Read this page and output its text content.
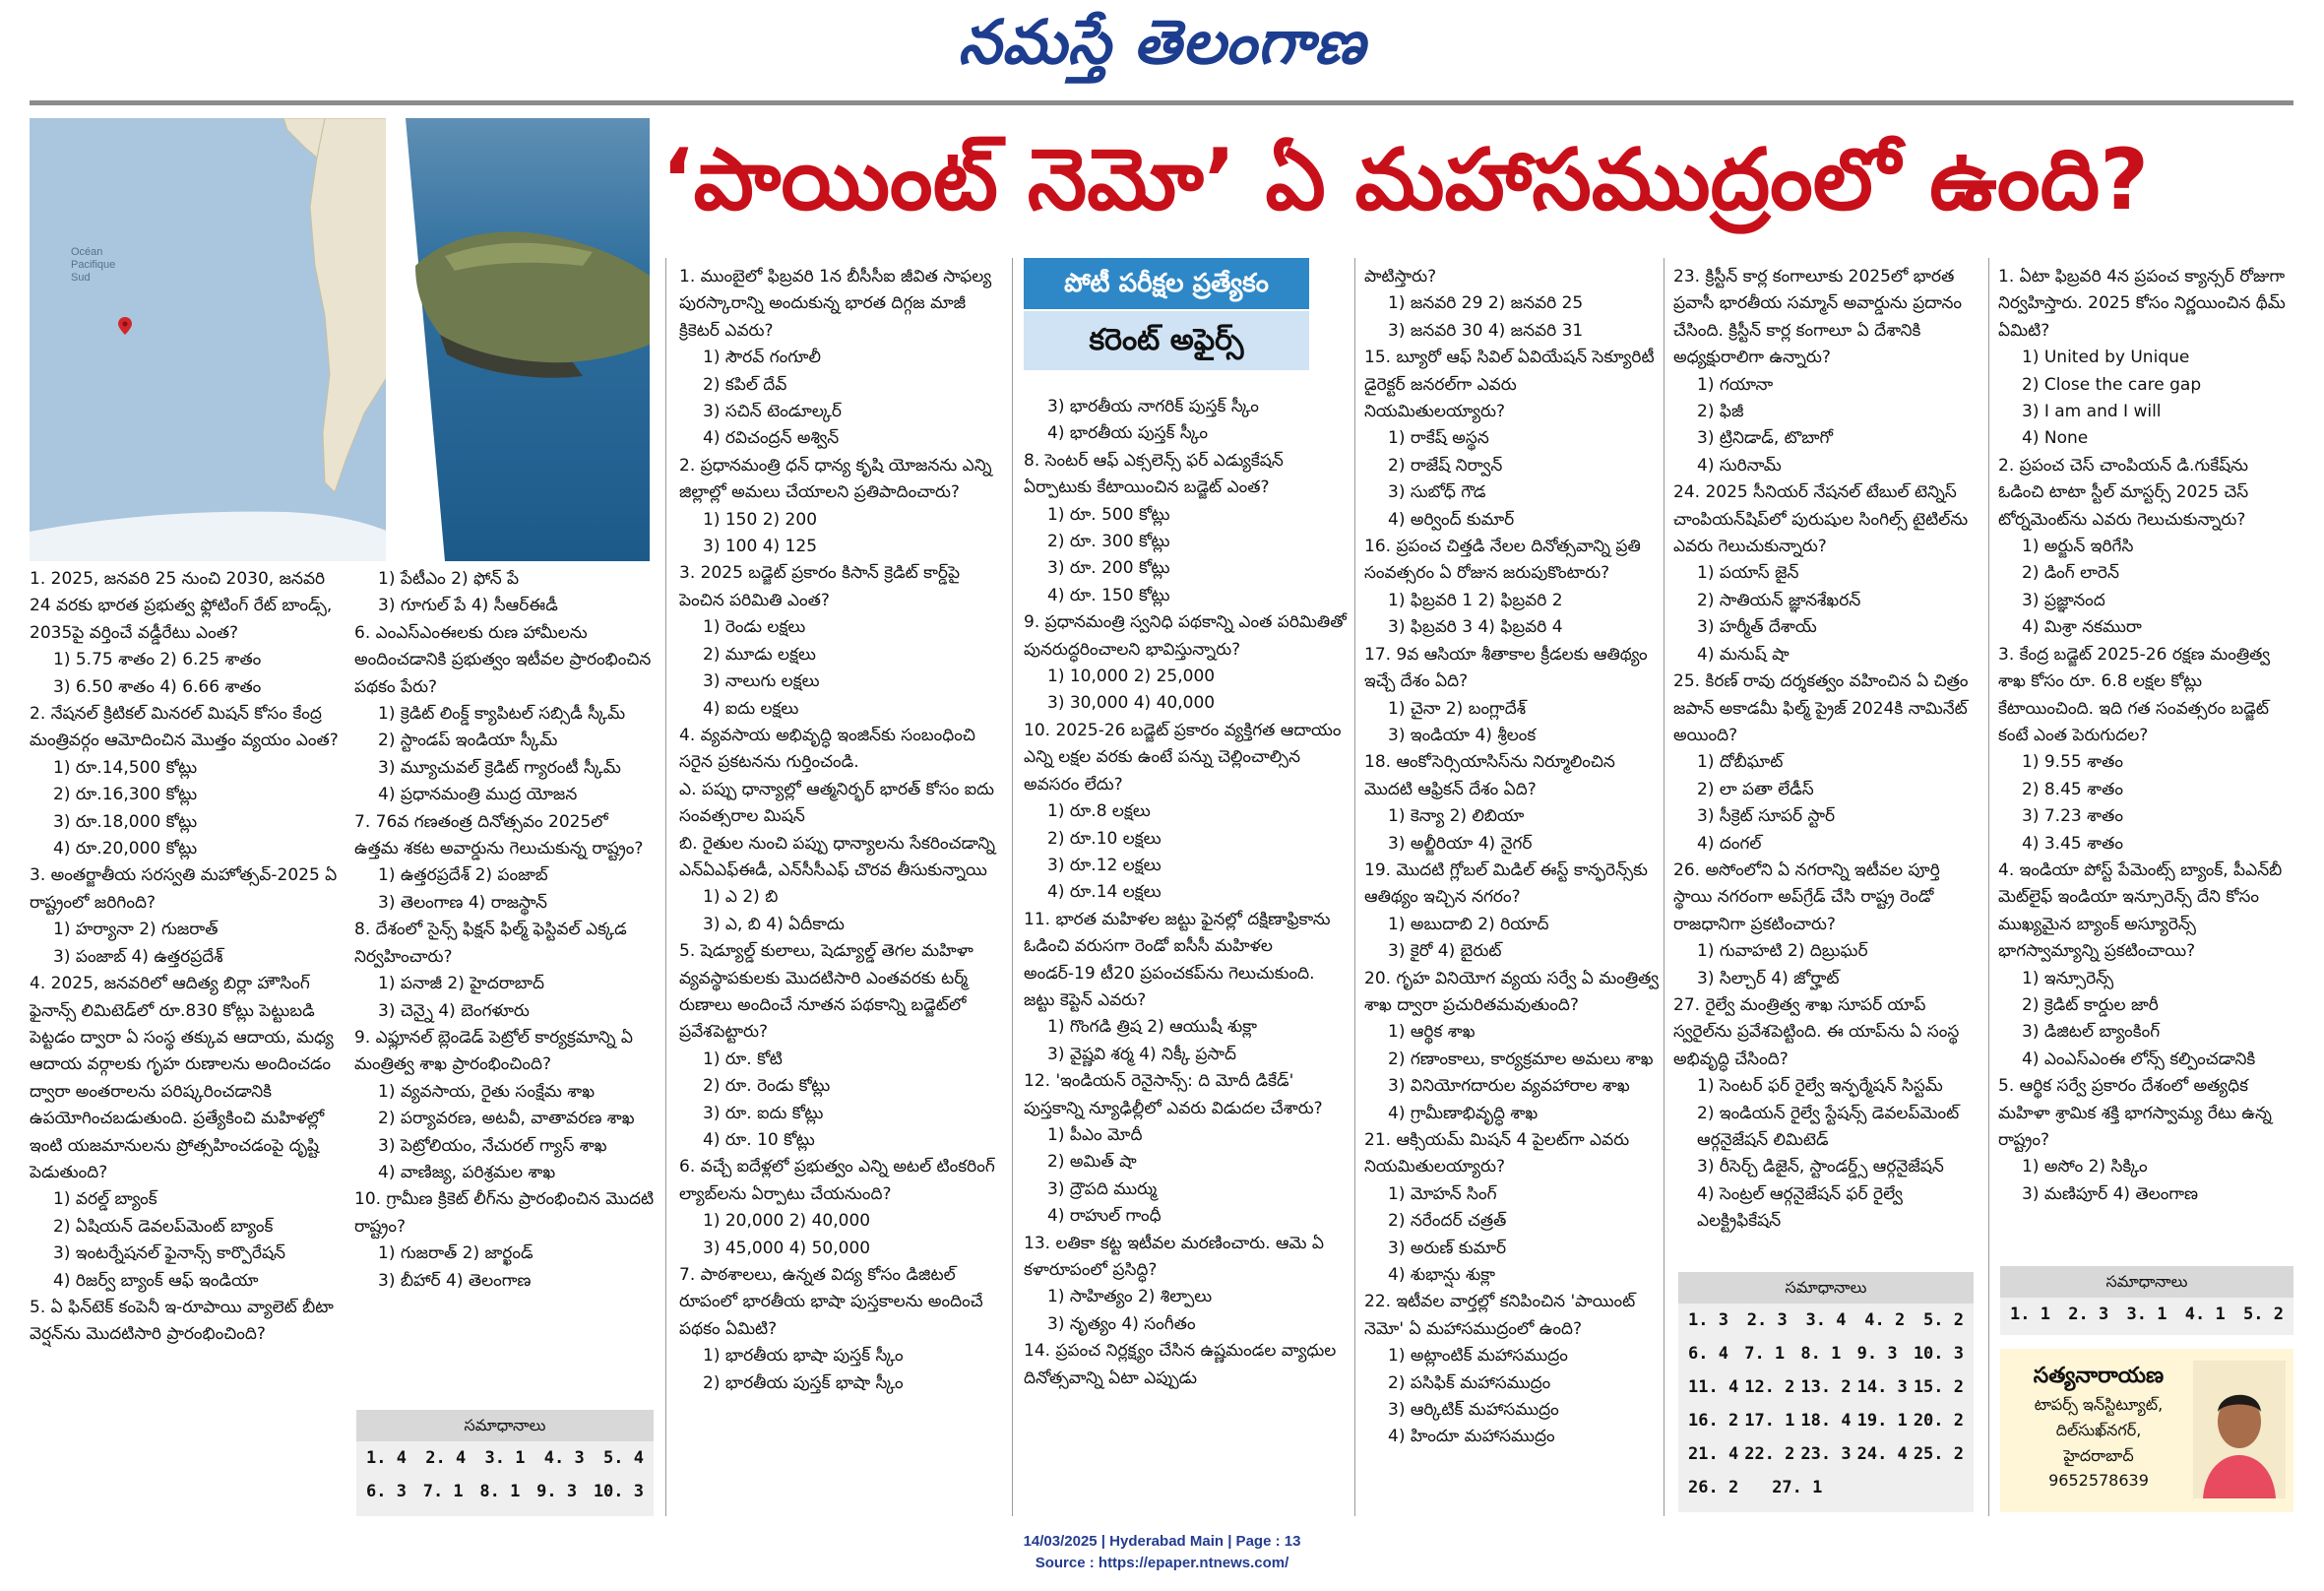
నమస్తే తెలంగాణ
Océan
Pacifique
Sud
‘పాయింట్ నెమో’ ఏ మహాసముద్రంలో ఉంది?
పోటీ పరీక్షల ప్రత్యేకం
కరెంట్ అఫైర్స్
1. 2025, జనవరి 25 నుంచి 2030, జనవరి 24 వరకు భారత ప్రభుత్వ ఫ్లోటింగ్ రేట్ బాండ్స్, 2035పై వర్తించే వడ్డీరేటు ఎంత?
1) 5.75 శాతం 2) 6.25 శాతం
3) 6.50 శాతం 4) 6.66 శాతం
2. నేషనల్ క్రిటికల్ మినరల్ మిషన్ కోసం కేంద్ర మంత్రివర్గం ఆమోదించిన మొత్తం వ్యయం ఎంత?
1) రూ.14,500 కోట్లు
2) రూ.16,300 కోట్లు
3) రూ.18,000 కోట్లు
4) రూ.20,000 కోట్లు
3. అంతర్జాతీయ సరస్వతి మహోత్సవ్-2025 ఏ రాష్ట్రంలో జరిగింది?
1) హర్యానా 2) గుజరాత్
3) పంజాబ్ 4) ఉత్తరప్రదేశ్
4. 2025, జనవరిలో ఆదిత్య బిర్లా హౌసింగ్ ఫైనాన్స్ లిమిటెడ్‌లో రూ.830 కోట్లు పెట్టుబడి పెట్టడం ద్వారా ఏ సంస్థ తక్కువ ఆదాయ, మధ్య ఆదాయ వర్గాలకు గృహ రుణాలను అందించడం ద్వారా అంతరాలను పరిష్కరించడానికి ఉపయోగించబడుతుంది. ప్రత్యేకించి మహిళల్లో ఇంటి యజమానులను ప్రోత్సహించడంపై దృష్టి పెడుతుంది?
1) వరల్డ్ బ్యాంక్
2) ఏషియన్ డెవలప్‌మెంట్ బ్యాంక్
3) ఇంటర్నేషనల్ ఫైనాన్స్ కార్పొరేషన్
4) రిజర్వ్ బ్యాంక్ ఆఫ్ ఇండియా
5. ఏ ఫిన్‌టెక్ కంపెనీ ఇ-రూపాయి వ్యాలెట్ బీటా వెర్షన్‌ను మొదటిసారి ప్రారంభించింది?
1) పేటీఎం 2) ఫోన్ పే
3) గూగుల్ పే 4) సీఆర్‌ఈడీ
6. ఎంఎస్ఎంఈలకు రుణ హామీలను అందించడానికి ప్రభుత్వం ఇటీవల ప్రారంభించిన పథకం పేరు?
1) క్రెడిట్ లింక్డ్ క్యాపిటల్ సబ్సిడీ స్కీమ్
2) స్టాండప్ ఇండియా స్కీమ్
3) మ్యూచువల్ క్రెడిట్ గ్యారంటీ స్కీమ్
4) ప్రధానమంత్రి ముద్ర యోజన
7. 76వ గణతంత్ర దినోత్సవం 2025లో ఉత్తమ శకట అవార్డును గెలుచుకున్న రాష్ట్రం?
1) ఉత్తరప్రదేశ్ 2) పంజాబ్
3) తెలంగాణ 4) రాజస్థాన్
8. దేశంలో సైన్స్ ఫిక్షన్ ఫిల్మ్ ఫెస్టివల్ ఎక్కడ నిర్వహించారు?
1) పనాజీ 2) హైదరాబాద్
3) చెన్నై 4) బెంగళూరు
9. ఎఫ్లూనల్ బ్లెండెడ్ పెట్రోల్ కార్యక్రమాన్ని ఏ మంత్రిత్వ శాఖ ప్రారంభించింది?
1) వ్యవసాయ, రైతు సంక్షేమ శాఖ
2) పర్యావరణ, అటవీ, వాతావరణ శాఖ
3) పెట్రోలియం, నేచురల్ గ్యాస్ శాఖ
4) వాణిజ్య, పరిశ్రమల శాఖ
10. గ్రామీణ క్రికెట్ లీగ్‌ను ప్రారంభించిన మొదటి రాష్ట్రం?
1) గుజరాత్ 2) జార్ఖండ్
3) బీహార్ 4) తెలంగాణ
సమాధానాలు
1. 4 2. 4 3. 1 4. 3 5. 4
6. 3 7. 1 8. 1 9. 3 10. 3
1. ముంబైలో ఫిబ్రవరి 1న బీసీసీఐ జీవిత సాఫల్య పురస్కారాన్ని అందుకున్న భారత దిగ్గజ మాజీ క్రికెటర్ ఎవరు?
1) సౌరవ్ గంగూలీ
2) కపిల్ దేవ్
3) సచిన్ టెండూల్కర్
4) రవిచంద్రన్ అశ్విన్
2. ప్రధానమంత్రి ధన్ ధాన్య కృషి యోజనను ఎన్ని జిల్లాల్లో అమలు చేయాలని ప్రతిపాదించారు?
1) 150 2) 200
3) 100 4) 125
3. 2025 బడ్జెట్ ప్రకారం కిసాన్ క్రెడిట్ కార్డ్‌పై పెంచిన పరిమితి ఎంత?
1) రెండు లక్షలు
2) మూడు లక్షలు
3) నాలుగు లక్షలు
4) ఐదు లక్షలు
4. వ్యవసాయ అభివృద్ధి ఇంజిన్‌కు సంబంధించి సరైన ప్రకటనను గుర్తించండి.
ఎ. పప్పు ధాన్యాల్లో ఆత్మనిర్భర్ భారత్ కోసం ఐదు సంవత్సరాల మిషన్
బి. రైతుల నుంచి పప్పు ధాన్యాలను సేకరించడాన్ని ఎన్ఏఎఫ్ఈడీ, ఎన్‌సీసీఎఫ్ చొరవ తీసుకున్నాయి
1) ఎ 2) బి
3) ఎ, బి 4) ఏదీకాదు
5. షెడ్యూల్డ్ కులాలు, షెడ్యూల్డ్ తెగల మహిళా వ్యవస్థాపకులకు మొదటిసారి ఎంతవరకు టర్మ్ రుణాలు అందించే నూతన పథకాన్ని బడ్జెట్‌లో ప్రవేశపెట్టారు?
1) రూ. కోటి
2) రూ. రెండు కోట్లు
3) రూ. ఐదు కోట్లు
4) రూ. 10 కోట్లు
6. వచ్చే ఐదేళ్లలో ప్రభుత్వం ఎన్ని అటల్ టింకరింగ్ ల్యాబ్‌లను ఏర్పాటు చేయనుంది?
1) 20,000 2) 40,000
3) 45,000 4) 50,000
7. పాఠశాలలు, ఉన్నత విద్య కోసం డిజిటల్ రూపంలో భారతీయ భాషా పుస్తకాలను అందించే పథకం ఏమిటి?
1) భారతీయ భాషా పుస్తక్ స్కీం
2) భారతీయ పుస్తక్ భాషా స్కీం
3) భారతీయ నాగరిక్ పుస్తక్ స్కీం
4) భారతీయ పుస్తక్ స్కీం
8. సెంటర్ ఆఫ్ ఎక్సలెన్స్ ఫర్ ఎడ్యుకేషన్ ఏర్పాటుకు కేటాయించిన బడ్జెట్ ఎంత?
1) రూ. 500 కోట్లు
2) రూ. 300 కోట్లు
3) రూ. 200 కోట్లు
4) రూ. 150 కోట్లు
9. ప్రధానమంత్రి స్వనిధి పథకాన్ని ఎంత పరిమితితో పునరుద్ధరించాలని భావిస్తున్నారు?
1) 10,000 2) 25,000
3) 30,000 4) 40,000
10. 2025-26 బడ్జెట్ ప్రకారం వ్యక్తిగత ఆదాయం ఎన్ని లక్షల వరకు ఉంటే పన్ను చెల్లించాల్సిన అవసరం లేదు?
1) రూ.8 లక్షలు
2) రూ.10 లక్షలు
3) రూ.12 లక్షలు
4) రూ.14 లక్షలు
11. భారత మహిళల జట్టు ఫైనల్లో దక్షిణాఫ్రికాను ఓడించి వరుసగా రెండో ఐసీసీ మహిళల అండర్-19 టీ20 ప్రపంచకప్‌ను గెలుచుకుంది. జట్టు కెప్టెన్ ఎవరు?
1) గొంగడి త్రిష 2) ఆయుషీ శుక్లా
3) వైష్ణవి శర్మ 4) నిక్కీ ప్రసాద్
12. 'ఇండియన్ రెనైసాన్స్: ది మోదీ డికేడ్' పుస్తకాన్ని న్యూఢిల్లీలో ఎవరు విడుదల చేశారు?
1) పీఎం మోదీ
2) అమిత్ షా
3) ద్రౌపది ముర్ము
4) రాహుల్ గాంధీ
13. లతికా కట్ట ఇటీవల మరణించారు. ఆమె ఏ కళారూపంలో ప్రసిద్ధి?
1) సాహిత్యం 2) శిల్పాలు
3) నృత్యం 4) సంగీతం
14. ప్రపంచ నిర్లక్ష్యం చేసిన ఉష్ణమండల వ్యాధుల దినోత్సవాన్ని ఏటా ఎప్పుడు
పాటిస్తారు?
1) జనవరి 29 2) జనవరి 25
3) జనవరి 30 4) జనవరి 31
15. బ్యూరో ఆఫ్ సివిల్ ఏవియేషన్ సెక్యూరిటీ డైరెక్టర్ జనరల్‌గా ఎవరు నియమితులయ్యారు?
1) రాకేష్ అస్థన
2) రాజేష్ నిర్వాన్
3) సుబోధ్ గౌడ
4) అర్వింద్ కుమార్
16. ప్రపంచ చిత్తడి నేలల దినోత్సవాన్ని ప్రతి సంవత్సరం ఏ రోజున జరుపుకొంటారు?
1) ఫిబ్రవరి 1 2) ఫిబ్రవరి 2
3) ఫిబ్రవరి 3 4) ఫిబ్రవరి 4
17. 9వ ఆసియా శీతాకాల క్రీడలకు ఆతిథ్యం ఇచ్చే దేశం ఏది?
1) చైనా 2) బంగ్లాదేశ్
3) ఇండియా 4) శ్రీలంక
18. ఆంకోసెర్సియాసిస్‌ను నిర్మూలించిన మొదటి ఆఫ్రికన్ దేశం ఏది?
1) కెన్యా 2) లిబియా
3) అల్జీరియా 4) నైగర్
19. మొదటి గ్లోబల్ మిడిల్ ఈస్ట్ కాన్ఫరెన్స్‌కు ఆతిథ్యం ఇచ్చిన నగరం?
1) అబుదాబి 2) రియాద్
3) కైరో 4) బైరుట్
20. గృహ వినియోగ వ్యయ సర్వే ఏ మంత్రిత్వ శాఖ ద్వారా ప్రచురితమవుతుంది?
1) ఆర్థిక శాఖ
2) గణాంకాలు, కార్యక్రమాల అమలు శాఖ
3) వినియోగదారుల వ్యవహారాల శాఖ
4) గ్రామీణాభివృద్ధి శాఖ
21. ఆక్సియమ్ మిషన్ 4 పైలట్‌గా ఎవరు నియమితులయ్యారు?
1) మోహన్ సింగ్
2) నరేందర్ చత్రత్
3) అరుణ్ కుమార్
4) శుభాన్షు శుక్లా
22. ఇటీవల వార్తల్లో కనిపించిన 'పాయింట్ నెమో' ఏ మహాసముద్రంలో ఉంది?
1) అట్లాంటిక్ మహాసముద్రం
2) పసిఫిక్ మహాసముద్రం
3) ఆర్కిటిక్ మహాసముద్రం
4) హిందూ మహాసముద్రం
23. క్రిస్టీన్ కార్ల కంగాలూకు 2025లో భారత ప్రవాసీ భారతీయ సమ్మాన్ అవార్డును ప్రదానం చేసింది. క్రిస్టీన్ కార్ల కంగాలూ ఏ దేశానికి అధ్యక్షురాలిగా ఉన్నారు?
1) గయానా
2) ఫిజీ
3) ట్రినిడాడ్, టొబాగో
4) సురినామ్
24. 2025 సీనియర్ నేషనల్ టేబుల్ టెన్నిస్ చాంపియన్‌షిప్‌లో పురుషుల సింగిల్స్ టైటిల్‌ను ఎవరు గెలుచుకున్నారు?
1) పయాస్ జైన్
2) సాతియన్ జ్ఞానశేఖరన్
3) హర్మీత్ దేశాయ్
4) మనుష్ షా
25. కిరణ్ రావు దర్శకత్వం వహించిన ఏ చిత్రం జపాన్ అకాడమీ ఫిల్మ్ ప్రైజ్ 2024కి నామినేట్ అయింది?
1) దోబీఘాట్
2) లా పతా లేడీస్
3) సీక్రెట్ సూపర్ స్టార్
4) దంగల్
26. అసోంలోని ఏ నగరాన్ని ఇటీవల పూర్తి స్థాయి నగరంగా అప్‌గ్రేడ్ చేసి రాష్ట్ర రెండో రాజధానిగా ప్రకటించారు?
1) గువాహటి 2) దిబ్రుఘర్
3) సిల్చార్ 4) జోర్హాట్
27. రైల్వే మంత్రిత్వ శాఖ సూపర్ యాప్ స్వరైల్‌ను ప్రవేశపెట్టింది. ఈ యాప్‌ను ఏ సంస్థ అభివృద్ధి చేసింది?
1) సెంటర్ ఫర్ రైల్వే ఇన్ఫర్మేషన్ సిస్టమ్
2) ఇండియన్ రైల్వే స్టేషన్స్ డెవలప్‌మెంట్ ఆర్గనైజేషన్ లిమిటెడ్
3) రీసెర్చ్ డిజైన్, స్టాండర్డ్స్ ఆర్గనైజేషన్
4) సెంట్రల్ ఆర్గనైజేషన్ ఫర్ రైల్వే ఎలక్ట్రిఫికేషన్
సమాధానాలు
1. 3 2. 3 3. 4 4. 2 5. 2
6. 4 7. 1 8. 1 9. 3 10. 3
11. 4 12. 2 13. 2 14. 3 15. 2
16. 2 17. 1 18. 4 19. 1 20. 2
21. 4 22. 2 23. 3 24. 4 25. 2
26. 2 27. 1
1. ఏటా ఫిబ్రవరి 4న ప్రపంచ క్యాన్సర్ రోజుగా నిర్వహిస్తారు. 2025 కోసం నిర్ణయించిన థీమ్ ఏమిటి?
1) United by Unique
2) Close the care gap
3) I am and I will
4) None
2. ప్రపంచ చెస్ చాంపియన్ డి.గుకేష్‌ను ఓడించి టాటా స్టీల్ మాస్టర్స్ 2025 చెస్ టోర్నమెంట్‌ను ఎవరు గెలుచుకున్నారు?
1) అర్జున్ ఇరిగేసి
2) డింగ్ లారెన్
3) ప్రజ్ఞానంద
4) మిశ్రా నకమురా
3. కేంద్ర బడ్జెట్ 2025-26 రక్షణ మంత్రిత్వ శాఖ కోసం రూ. 6.8 లక్షల కోట్లు కేటాయించింది. ఇది గత సంవత్సరం బడ్జెట్ కంటే ఎంత పెరుగుదల?
1) 9.55 శాతం
2) 8.45 శాతం
3) 7.23 శాతం
4) 3.45 శాతం
4. ఇండియా పోస్ట్ పేమెంట్స్ బ్యాంక్, పీఎన్‌బీ మెట్‌లైఫ్ ఇండియా ఇన్సూరెన్స్ దేని కోసం ముఖ్యమైన బ్యాంక్ అస్యూరెన్స్ భాగస్వామ్యాన్ని ప్రకటించాయి?
1) ఇన్సూరెన్స్
2) క్రెడిట్ కార్డుల జారీ
3) డిజిటల్ బ్యాంకింగ్
4) ఎంఎస్ఎంఈ లోన్స్ కల్పించడానికి
5. ఆర్థిక సర్వే ప్రకారం దేశంలో అత్యధిక మహిళా శ్రామిక శక్తి భాగస్వామ్య రేటు ఉన్న రాష్ట్రం?
1) అసోం 2) సిక్కిం
3) మణిపూర్ 4) తెలంగాణ
సమాధానాలు
1. 1 2. 3 3. 1 4. 1 5. 2
సత్యనారాయణ
టాపర్స్ ఇన్‌స్టిట్యూట్,
దిల్‌సుఖ్‌నగర్,
హైదరాబాద్
9652578639
14/03/2025 | Hyderabad Main | Page : 13
Source : https://epaper.ntnews.com/
